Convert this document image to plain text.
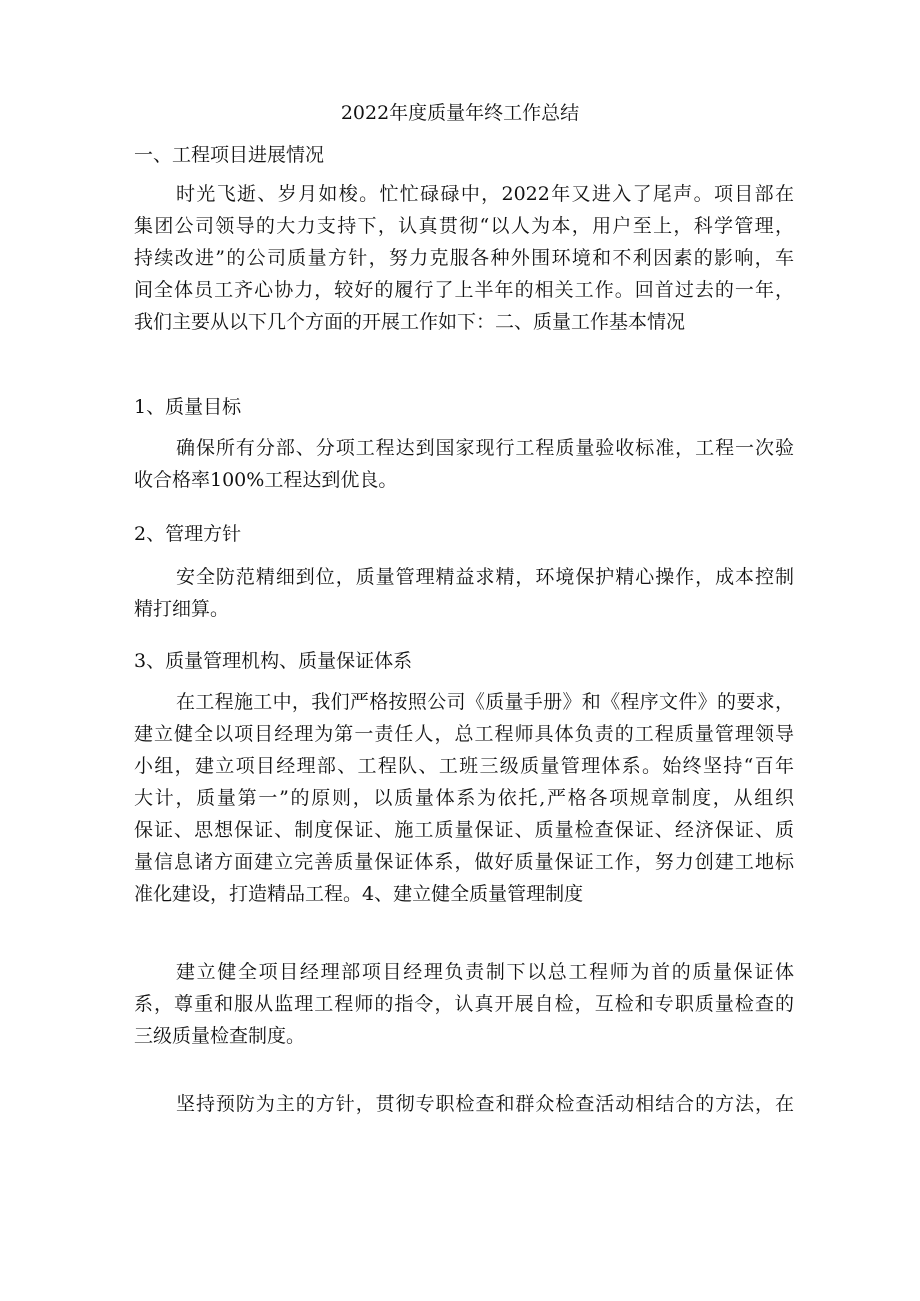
2022年度质量年终工作总结
一、工程项目进展情况
时光飞逝、岁月如梭。忙忙碌碌中，2022年又进入了尾声。项目部在
集团公司领导的大力支持下，认真贯彻“以人为本，用户至上，科学管理，
持续改进”的公司质量方针，努力克服各种外围环境和不利因素的影响，车
间全体员工齐心协力，较好的履行了上半年的相关工作。回首过去的一年，
我们主要从以下几个方面的开展工作如下：二、质量工作基本情况
1、质量目标
确保所有分部、分项工程达到国家现行工程质量验收标准，工程一次验
收合格率100%工程达到优良。
2、管理方针
安全防范精细到位，质量管理精益求精，环境保护精心操作，成本控制
精打细算。
3、质量管理机构、质量保证体系
在工程施工中，我们严格按照公司《质量手册》和《程序文件》的要求，
建立健全以项目经理为第一责任人，总工程师具体负责的工程质量管理领导
小组，建立项目经理部、工程队、工班三级质量管理体系。始终坚持“百年
大计，质量第一”的原则，以质量体系为依托,严格各项规章制度，从组织
保证、思想保证、制度保证、施工质量保证、质量检查保证、经济保证、质
量信息诸方面建立完善质量保证体系，做好质量保证工作，努力创建工地标
准化建设，打造精品工程。4、建立健全质量管理制度
建立健全项目经理部项目经理负责制下以总工程师为首的质量保证体
系，尊重和服从监理工程师的指令，认真开展自检，互检和专职质量检查的
三级质量检查制度。
坚持预防为主的方针，贯彻专职检查和群众检查活动相结合的方法，在
